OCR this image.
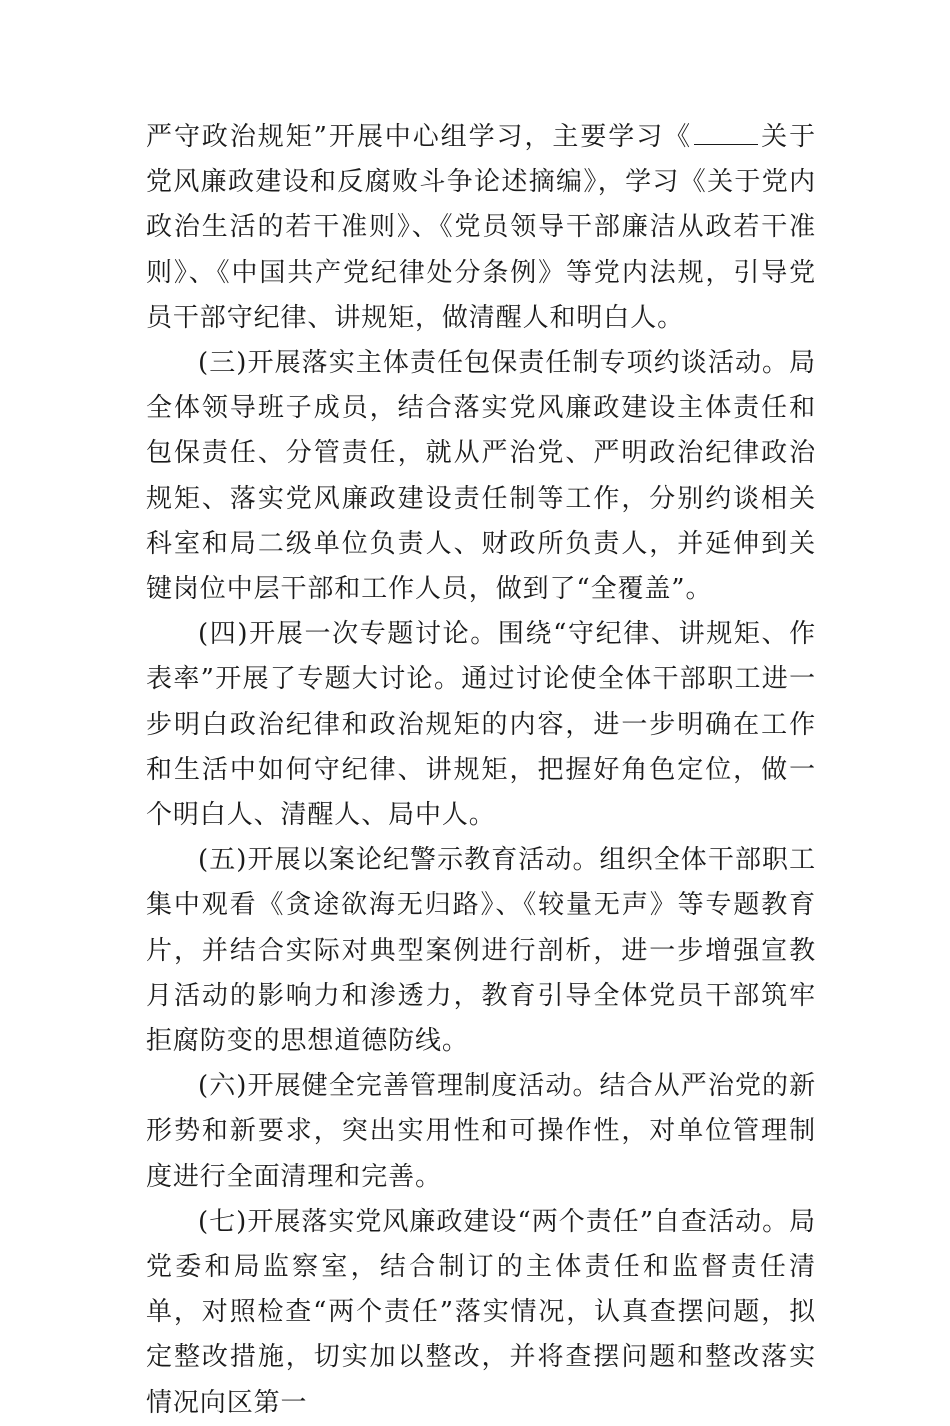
严守政治规矩”开展中心组学习，主要学习《	关于党风廉政建设和反腐败斗争论述摘编》，学习《关于党内政治生活的若干准则》、《党员领导干部廉洁从政若干准则》、《中国共产党纪律处分条例》等党内法规，引导党员干部守纪律、讲规矩，做清醒人和明白人。

(三)开展落实主体责任包保责任制专项约谈活动。局全体领导班子成员，结合落实党风廉政建设主体责任和包保责任、分管责任，就从严治党、严明政治纪律政治规矩、落实党风廉政建设责任制等工作，分别约谈相关科室和局二级单位负责人、财政所负责人，并延伸到关键岗位中层干部和工作人员，做到了“全覆盖”。

(四)开展一次专题讨论。围绕“守纪律、讲规矩、作表率”开展了专题大讨论。通过讨论使全体干部职工进一步明白政治纪律和政治规矩的内容，进一步明确在工作和生活中如何守纪律、讲规矩，把握好角色定位，做一个明白人、清醒人、局中人。

(五)开展以案论纪警示教育活动。组织全体干部职工集中观看《贪途欲海无归路》、《较量无声》等专题教育片，并结合实际对典型案例进行剖析，进一步增强宣教月活动的影响力和渗透力，教育引导全体党员干部筑牢拒腐防变的思想道德防线。

(六)开展健全完善管理制度活动。结合从严治党的新形势和新要求，突出实用性和可操作性，对单位管理制度进行全面清理和完善。

(七)开展落实党风廉政建设“两个责任”自查活动。局党委和局监察室，结合制订的主体责任和监督责任清单，对照检查“两个责任”落实情况，认真查摆问题，拟定整改措施，切实加以整改，并将查摆问题和整改落实情况向区第一
